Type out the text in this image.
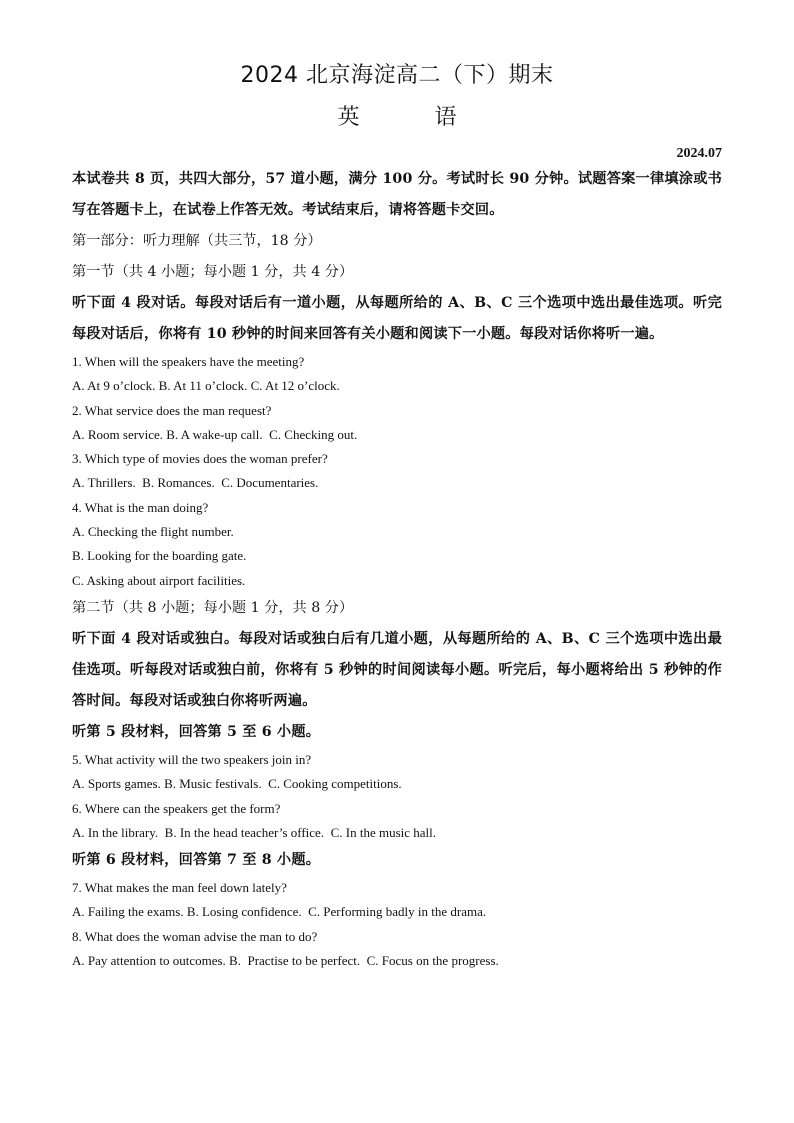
2024 北京海淀高二（下）期末
英 语
2024.07
本试卷共 8 页，共四大部分，57 道小题，满分 100 分。考试时长 90 分钟。试题答案一律填涂或书写在答题卡上，在试卷上作答无效。考试结束后，请将答题卡交回。
第一部分：听力理解（共三节，18 分）
第一节（共 4 小题；每小题 1 分，共 4 分）
听下面 4 段对话。每段对话后有一道小题，从每题所给的 A、B、C 三个选项中选出最佳选项。听完每段对话后，你将有 10 秒钟的时间来回答有关小题和阅读下一小题。每段对话你将听一遍。
1. When will the speakers have the meeting?
A. At 9 o’clock. B. At 11 o’clock. C. At 12 o’clock.
2. What service does the man request?
A. Room service. B. A wake-up call.  C. Checking out.
3. Which type of movies does the woman prefer?
A. Thrillers.  B. Romances.  C. Documentaries.
4. What is the man doing?
A. Checking the flight number.
B. Looking for the boarding gate.
C. Asking about airport facilities.
第二节（共 8 小题；每小题 1 分，共 8 分）
听下面 4 段对话或独白。每段对话或独白后有几道小题，从每题所给的 A、B、C 三个选项中选出最佳选项。听每段对话或独白前，你将有 5 秒钟的时间阅读每小题。听完后，每小题将给出 5 秒钟的作答时间。每段对话或独白你将听两遍。
听第 5 段材料，回答第 5 至 6 小题。
5. What activity will the two speakers join in?
A. Sports games. B. Music festivals.  C. Cooking competitions.
6. Where can the speakers get the form?
A. In the library.  B. In the head teacher’s office.  C. In the music hall.
听第 6 段材料，回答第 7 至 8 小题。
7. What makes the man feel down lately?
A. Failing the exams. B. Losing confidence.  C. Performing badly in the drama.
8. What does the woman advise the man to do?
A. Pay attention to outcomes. B.  Practise to be perfect.  C. Focus on the progress.
